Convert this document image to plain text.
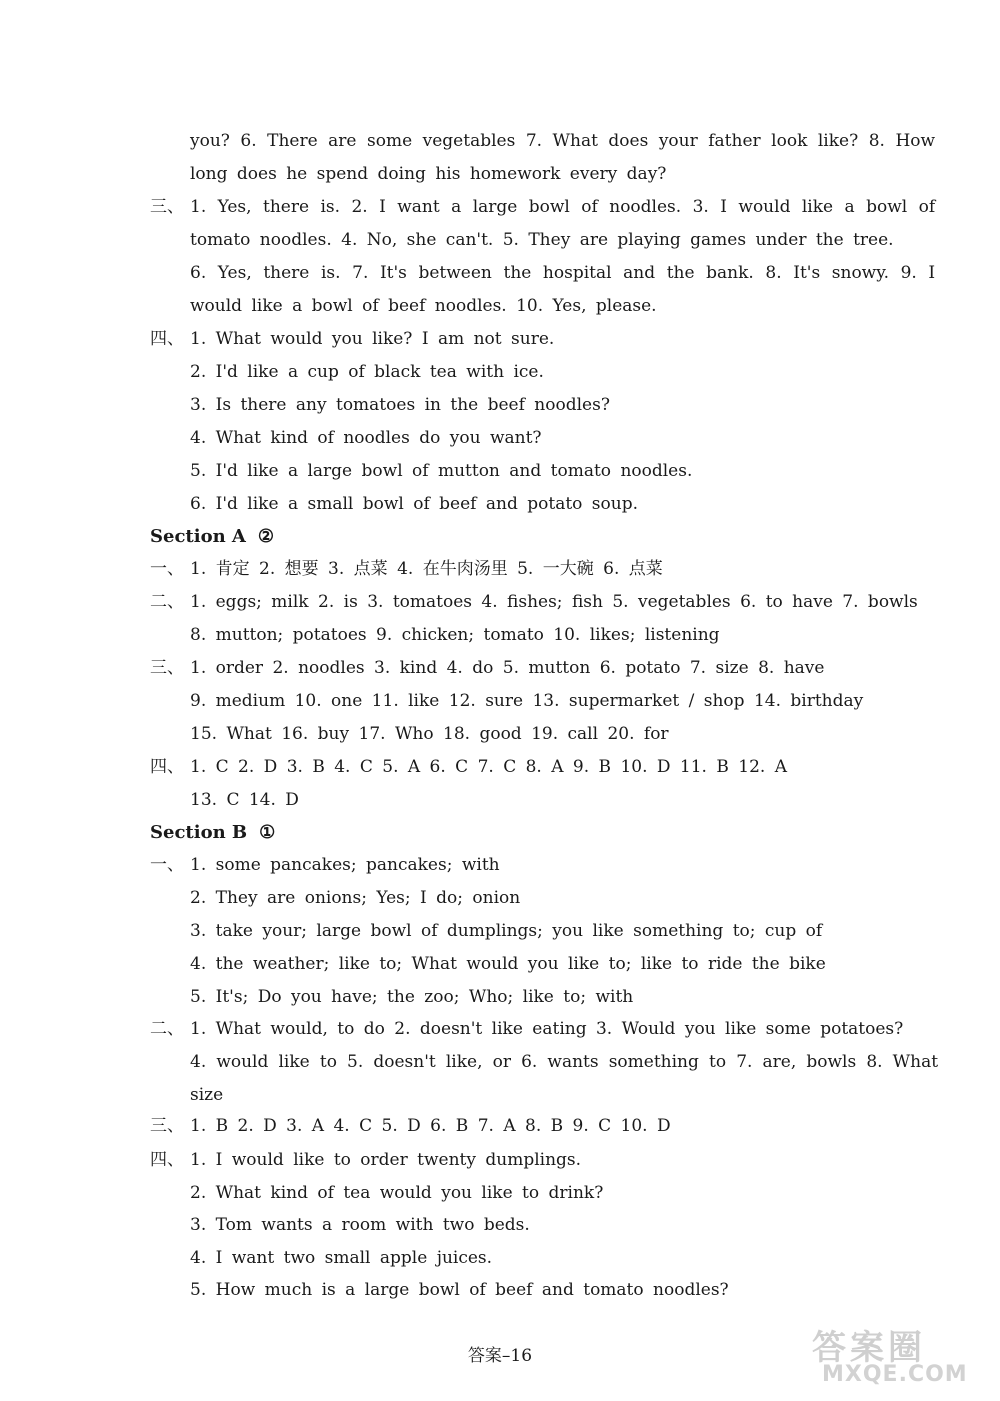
you? 6. There are some vegetables 7. What does your father look like? 8. How
long does he spend doing his homework every day?
三、 1. Yes, there is. 2. I want a large bowl of noodles. 3. I would like a bowl of
tomato noodles. 4. No, she can't. 5. They are playing games under the tree.
6. Yes, there is. 7. It's between the hospital and the bank. 8. It's snowy. 9. I
would like a bowl of beef noodles. 10. Yes, please.
四、 1. What would you like? I am not sure.
2. I'd like a cup of black tea with ice.
3. Is there any tomatoes in the beef noodles?
4. What kind of noodles do you want?
5. I'd like a large bowl of mutton and tomato noodles.
6. I'd like a small bowl of beef and potato soup.
Section A ②
一、 1. 肯定 2. 想要 3. 点菜 4. 在牛肉汤里 5. 一大碗 6. 点菜
二、 1. eggs; milk 2. is 3. tomatoes 4. fishes; fish 5. vegetables 6. to have 7. bowls
8. mutton; potatoes 9. chicken; tomato 10. likes; listening
三、 1. order 2. noodles 3. kind 4. do 5. mutton 6. potato 7. size 8. have
9. medium 10. one 11. like 12. sure 13. supermarket / shop 14. birthday
15. What 16. buy 17. Who 18. good 19. call 20. for
四、 1. C 2. D 3. B 4. C 5. A 6. C 7. C 8. A 9. B 10. D 11. B 12. A
13. C 14. D
Section B ①
一、 1. some pancakes; pancakes; with
2. They are onions; Yes; I do; onion
3. take your; large bowl of dumplings; you like something to; cup of
4. the weather; like to; What would you like to; like to ride the bike
5. It's; Do you have; the zoo; Who; like to; with
二、 1. What would, to do 2. doesn't like eating 3. Would you like some potatoes?
4. would like to 5. doesn't like, or 6. wants something to 7. are, bowls 8. What
size
三、 1. B 2. D 3. A 4. C 5. D 6. B 7. A 8. B 9. C 10. D
四、 1. I would like to order twenty dumplings.
2. What kind of tea would you like to drink?
3. Tom wants a room with two beds.
4. I want two small apple juices.
5. How much is a large bowl of beef and tomato noodles?
答案–16	答案圈
MXQE.COM
